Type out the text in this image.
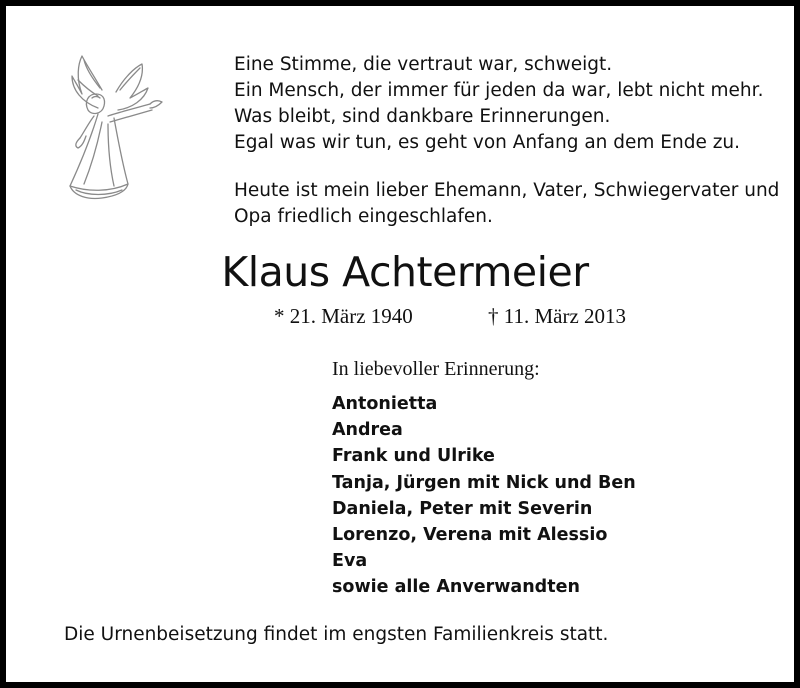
Eine Stimme, die vertraut war, schweigt.
Ein Mensch, der immer für jeden da war, lebt nicht mehr.
Was bleibt, sind dankbare Erinnerungen.
Egal was wir tun, es geht von Anfang an dem Ende zu.
Heute ist mein lieber Ehemann, Vater, Schwiegervater und
Opa friedlich eingeschlafen.
Klaus Achtermeier
* 21. März 1940	† 11. März 2013
In liebevoller Erinnerung:
Antonietta
Andrea
Frank und Ulrike
Tanja, Jürgen mit Nick und Ben
Daniela, Peter mit Severin
Lorenzo, Verena mit Alessio
Eva
sowie alle Anverwandten
Die Urnenbeisetzung findet im engsten Familienkreis statt.
